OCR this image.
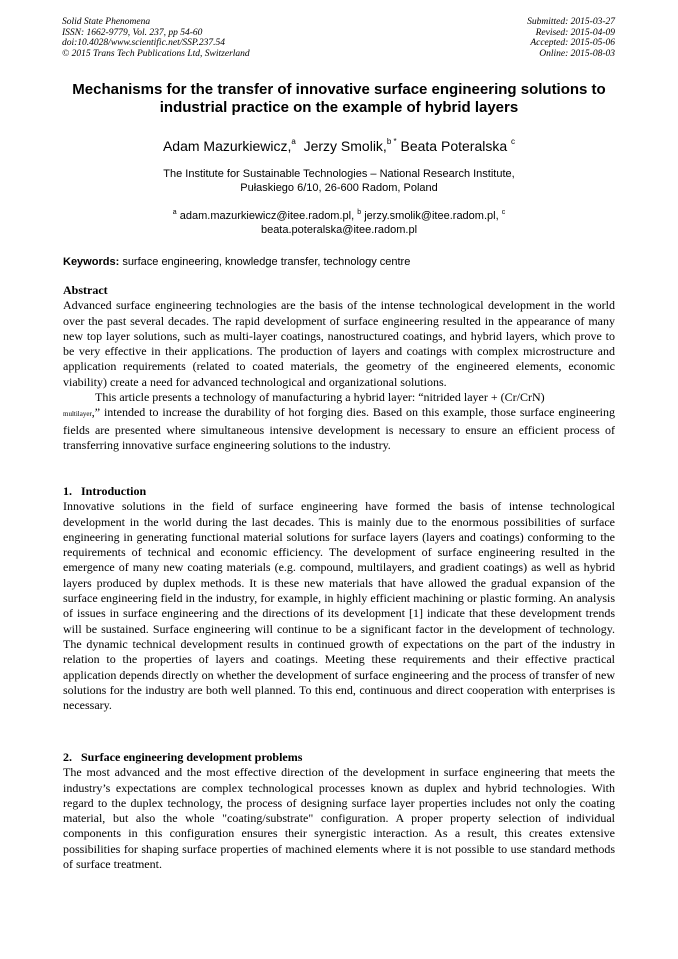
Solid State Phenomena
ISSN: 1662-9779, Vol. 237, pp 54-60
doi:10.4028/www.scientific.net/SSP.237.54
© 2015 Trans Tech Publications Ltd, Switzerland
Submitted: 2015-03-27
Revised: 2015-04-09
Accepted: 2015-05-06
Online: 2015-08-03
Mechanisms for the transfer of innovative surface engineering solutions to industrial practice on the example of hybrid layers
Adam Mazurkiewicz,$^a$ Jerzy Smolik,$^{b *}$ Beata Poteralska $^c$
The Institute for Sustainable Technologies – National Research Institute,
Pułaskiego 6/10, 26-600 Radom, Poland
$^a$ adam.mazurkiewicz@itee.radom.pl, $^b$ jerzy.smolik@itee.radom.pl, $^c$
beata.poteralska@itee.radom.pl
Keywords: surface engineering, knowledge transfer, technology centre

Abstract

Advanced surface engineering technologies are the basis of the intense technological development in the world over the past several decades. The rapid development of surface engineering resulted in the appearance of many new top layer solutions, such as multi-layer coatings, nanostructured coatings, and hybrid layers, which prove to be very effective in their applications. The production of layers and coatings with complex microstructure and application requirements (related to coated materials, the geometry of the engineered elements, economic viability) create a need for advanced technological and organizational solutions.

This article presents a technology of manufacturing a hybrid layer: “nitrided layer + (Cr/CrN)
multilayer,” intended to increase the durability of hot forging dies. Based on this example, those surface engineering fields are presented where simultaneous intensive development is necessary to ensure an efficient process of transferring innovative surface engineering solutions to the industry.

1.   Introduction

Innovative solutions in the field of surface engineering have formed the basis of intense technological development in the world during the last decades. This is mainly due to the enormous possibilities of surface engineering in generating functional material solutions for surface layers (layers and coatings) conforming to the requirements of technical and economic efficiency. The development of surface engineering resulted in the emergence of many new coating materials (e.g. compound, multilayers, and gradient coatings) as well as hybrid layers produced by duplex methods. It is these new materials that have allowed the gradual expansion of the surface engineering field in the industry, for example, in highly efficient machining or plastic forming. An analysis of issues in surface engineering and the directions of its development [1] indicate that these development trends will be sustained. Surface engineering will continue to be a significant factor in the development of technology. The dynamic technical development results in continued growth of expectations on the part of the industry in relation to the properties of layers and coatings. Meeting these requirements and their effective practical application depends directly on whether the development of surface engineering and the process of transfer of new solutions for the industry are both well planned. To this end, continuous and direct cooperation with enterprises is necessary.

2.   Surface engineering development problems

The most advanced and the most effective direction of the development in surface engineering that meets the industry’s expectations are complex technological processes known as duplex and hybrid technologies. With regard to the duplex technology, the process of designing surface layer properties includes not only the coating material, but also the whole "coating/substrate" configuration. A proper property selection of individual components in this configuration ensures their synergistic interaction. As a result, this creates extensive possibilities for shaping surface properties of machined elements where it is not possible to use standard methods of surface treatment.
